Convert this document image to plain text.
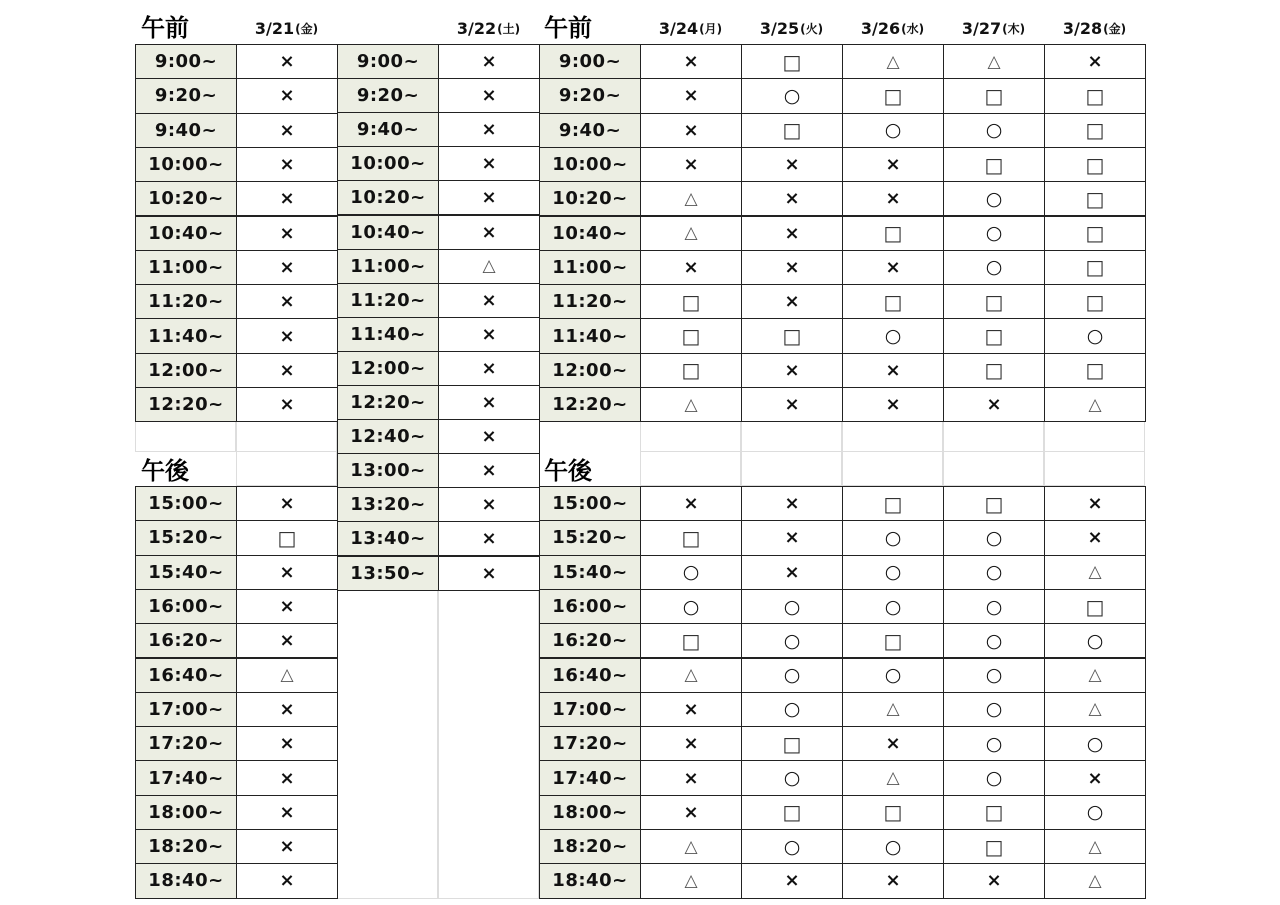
3/21 (金)	3/22 (土)	3/24 (月) 3/25 (火) 3/26 (水) 3/27 (木) 3/28 (金)
午前	午前
午後	午後
9:00~	×
9:20~	×
9:40~	×
10:00~	×
10:20~	×
10:40~	×
11:00~	×
11:20~	×
11:40~	×
12:00~	×
12:20~	×
15:00~	×
15:20~	□
15:40~	×
16:00~	×
16:20~	×
16:40~	△
17:00~	×
17:20~	×
17:40~	×
18:00~	×
18:20~	×
18:40~	×
9:00~	×
9:20~	×
9:40~	×
10:00~	×
10:20~	×
10:40~	×
11:00~	△
11:20~	×
11:40~	×
12:00~	×
12:20~	×
12:40~	×
13:00~	×
13:20~	×
13:40~	×
13:50~	×
9:00~	×	□	△	△	×
9:20~	×	○	□	□	□
9:40~	×	□	○	○	□
10:00~	×	×	×	□	□
10:20~	△	×	×	○	□
10:40~	△	×	□	○	□
11:00~	×	×	×	○	□
11:20~	□	×	□	□	□
11:40~	□	□	○	□	○
12:00~	□	×	×	□	□
12:20~	△	×	×	×	△
15:00~	×	×	□	□	×
15:20~	□	×	○	○	×
15:40~	○	×	○	○	△
16:00~	○	○	○	○	□
16:20~	□	○	□	○	○
16:40~	△	○	○	○	△
17:00~	×	○	△	○	△
17:20~	×	□	×	○	○
17:40~	×	○	△	○	×
18:00~	×	□	□	□	○
18:20~	△	○	○	□	△
18:40~	△	×	×	×	△
